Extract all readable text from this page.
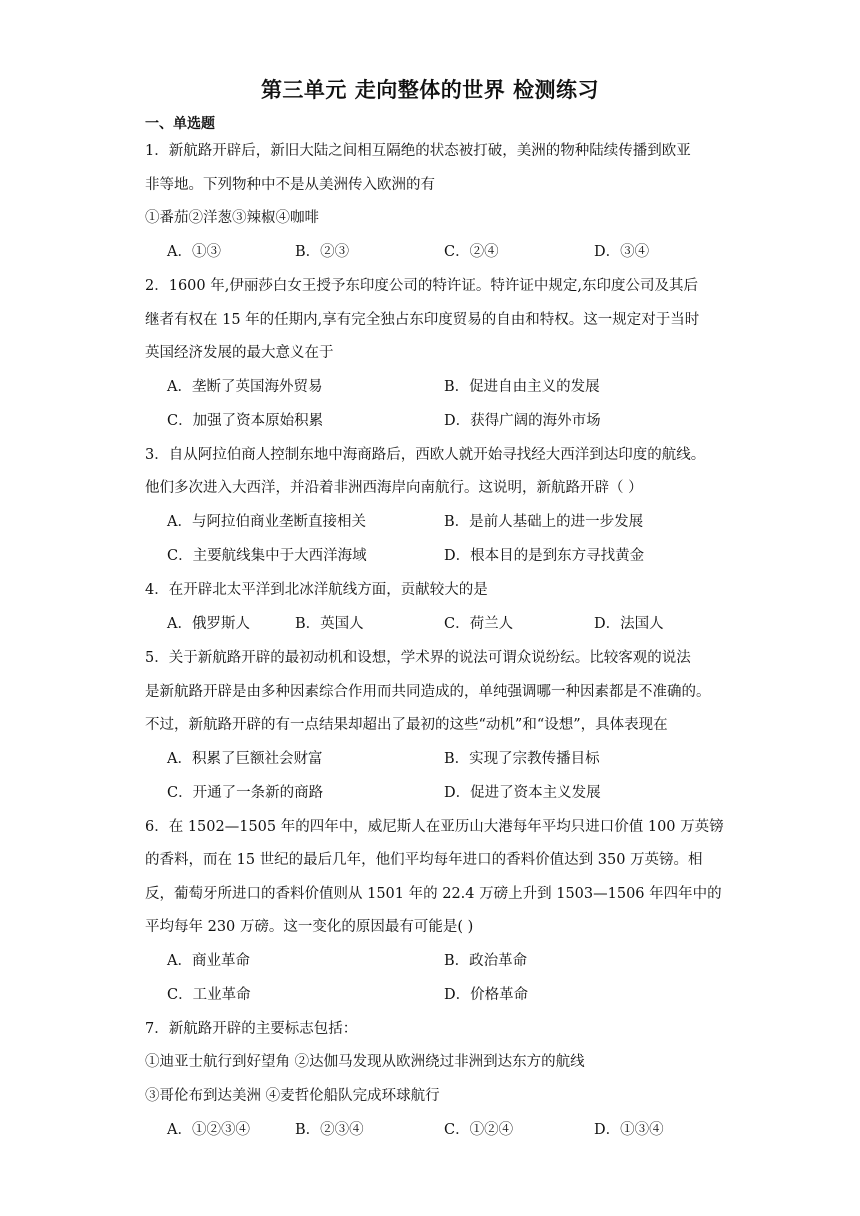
第三单元 走向整体的世界 检测练习
一、单选题
1．新航路开辟后，新旧大陆之间相互隔绝的状态被打破，美洲的物种陆续传播到欧亚
非等地。下列物种中不是从美洲传入欧洲的有
①番茄②洋葱③辣椒④咖啡
A．①③	B．②③	C．②④	D．③④
2．1600 年,伊丽莎白女王授予东印度公司的特许证。特许证中规定,东印度公司及其后
继者有权在 15 年的任期内,享有完全独占东印度贸易的自由和特权。这一规定对于当时
英国经济发展的最大意义在于
A．垄断了英国海外贸易	B．促进自由主义的发展
C．加强了资本原始积累	D．获得广阔的海外市场
3．自从阿拉伯商人控制东地中海商路后，西欧人就开始寻找经大西洋到达印度的航线。
他们多次进入大西洋，并沿着非洲西海岸向南航行。这说明，新航路开辟（ ）
A．与阿拉伯商业垄断直接相关	B．是前人基础上的进一步发展
C．主要航线集中于大西洋海域	D．根本目的是到东方寻找黄金
4．在开辟北太平洋到北冰洋航线方面，贡献较大的是
A．俄罗斯人	B．英国人	C．荷兰人	D．法国人
5．关于新航路开辟的最初动机和设想，学术界的说法可谓众说纷纭。比较客观的说法
是新航路开辟是由多种因素综合作用而共同造成的，单纯强调哪一种因素都是不准确的。
不过，新航路开辟的有一点结果却超出了最初的这些“动机”和“设想”，具体表现在
A．积累了巨额社会财富	B．实现了宗教传播目标
C．开通了一条新的商路	D．促进了资本主义发展
6．在 1502—1505 年的四年中，威尼斯人在亚历山大港每年平均只进口价值 100 万英镑
的香料，而在 15 世纪的最后几年，他们平均每年进口的香料价值达到 350 万英镑。相
反，葡萄牙所进口的香料价值则从 1501 年的 22.4 万磅上升到 1503—1506 年四年中的
平均每年 230 万磅。这一变化的原因最有可能是( )
A．商业革命	B．政治革命
C．工业革命	D．价格革命
7．新航路开辟的主要标志包括：
①迪亚士航行到好望角 ②达伽马发现从欧洲绕过非洲到达东方的航线
③哥伦布到达美洲 ④麦哲伦船队完成环球航行
A．①②③④	B．②③④	C．①②④	D．①③④
